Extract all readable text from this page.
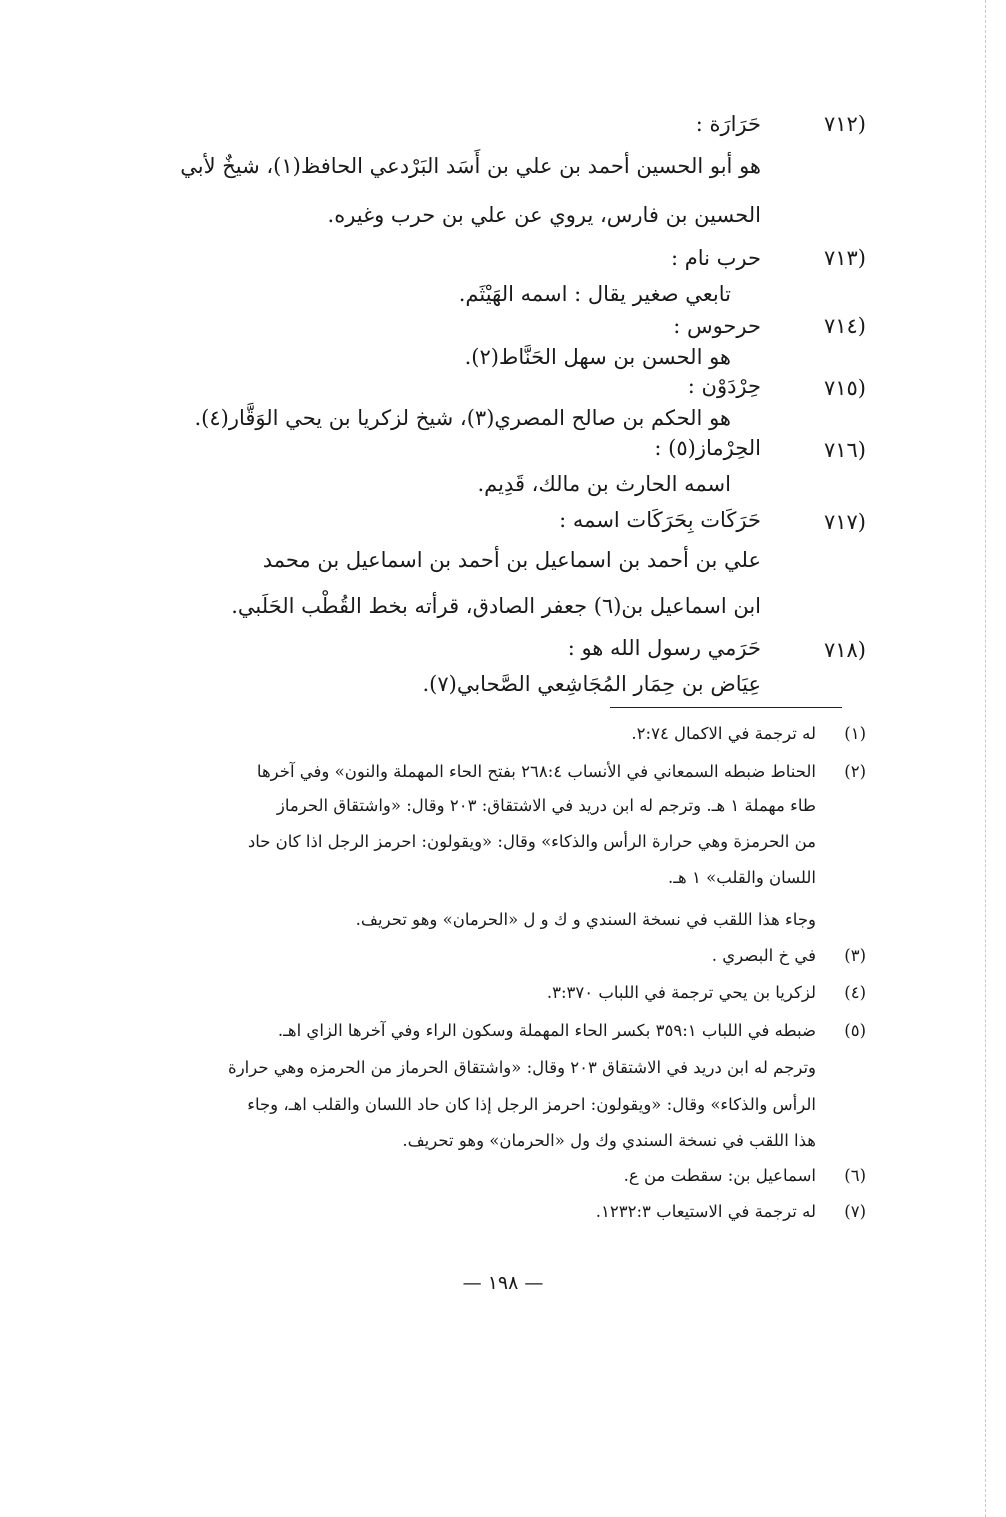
٧١٢)
حَرَارَة :
هو أبو الحسين أحمد بن علي بن أَسَد البَرْدعي الحافظ(١)، شيخٌ لأبي
الحسين بن فارس، يروي عن علي بن حرب وغيره.
٧١٣)
حرب نام :
تابعي صغير يقال : اسمه الهَيْثَم.
٧١٤)
حرحوس :
هو الحسن بن سهل الحَنَّاط(٢).
٧١٥)
حِرْدَوْن :
هو الحكم بن صالح المصري(٣)، شيخ لزكريا بن يحي الوَقَّار(٤).
٧١٦)
الحِرْماز(٥) :
اسمه الحارث بن مالك، قَدِيم.
٧١٧)
حَرَكَات بِحَرَكَات اسمه :
علي بن أحمد بن اسماعيل بن أحمد بن اسماعيل بن محمد
ابن اسماعيل بن(٦) جعفر الصادق، قرأته بخط القُطْب الحَلَبي.
٧١٨)
حَرَمي رسول الله هو :
عِيَاض بن حِمَار المُجَاشِعي الصَّحابي(٧).
(١)
له ترجمة في الاكمال ٢:٧٤.
(٢)
الحناط ضبطه السمعاني في الأنساب ٢٦٨:٤ بفتح الحاء المهملة والنون» وفي آخرها
طاء مهملة ١ هـ. وترجم له ابن دريد في الاشتقاق: ٢٠٣ وقال: «واشتقاق الحرماز
من الحرمزة وهي حرارة الرأس والذكاء» وقال: «ويقولون: احرمز الرجل اذا كان حاد
اللسان والقلب» ١ هـ.
وجاء هذا اللقب في نسخة السندي و ك و ل «الحرمان» وهو تحريف.
(٣)
في خ البصري .
(٤)
لزكريا بن يحي ترجمة في اللباب ٣:٣٧٠.
(٥)
ضبطه في اللباب ٣٥٩:١ بكسر الحاء المهملة وسكون الراء وفي آخرها الزاي اهـ.
وترجم له ابن دريد في الاشتقاق ٢٠٣ وقال: «واشتقاق الحرماز من الحرمزه وهي حرارة
الرأس والذكاء» وقال: «ويقولون: احرمز الرجل إذا كان حاد اللسان والقلب اهـ، وجاء
هذا اللقب في نسخة السندي وك ول «الحرمان» وهو تحريف.
(٦)
اسماعيل بن: سقطت من ع.
(٧)
له ترجمة في الاستيعاب ١٢٣٢:٣.
— ١٩٨ —
